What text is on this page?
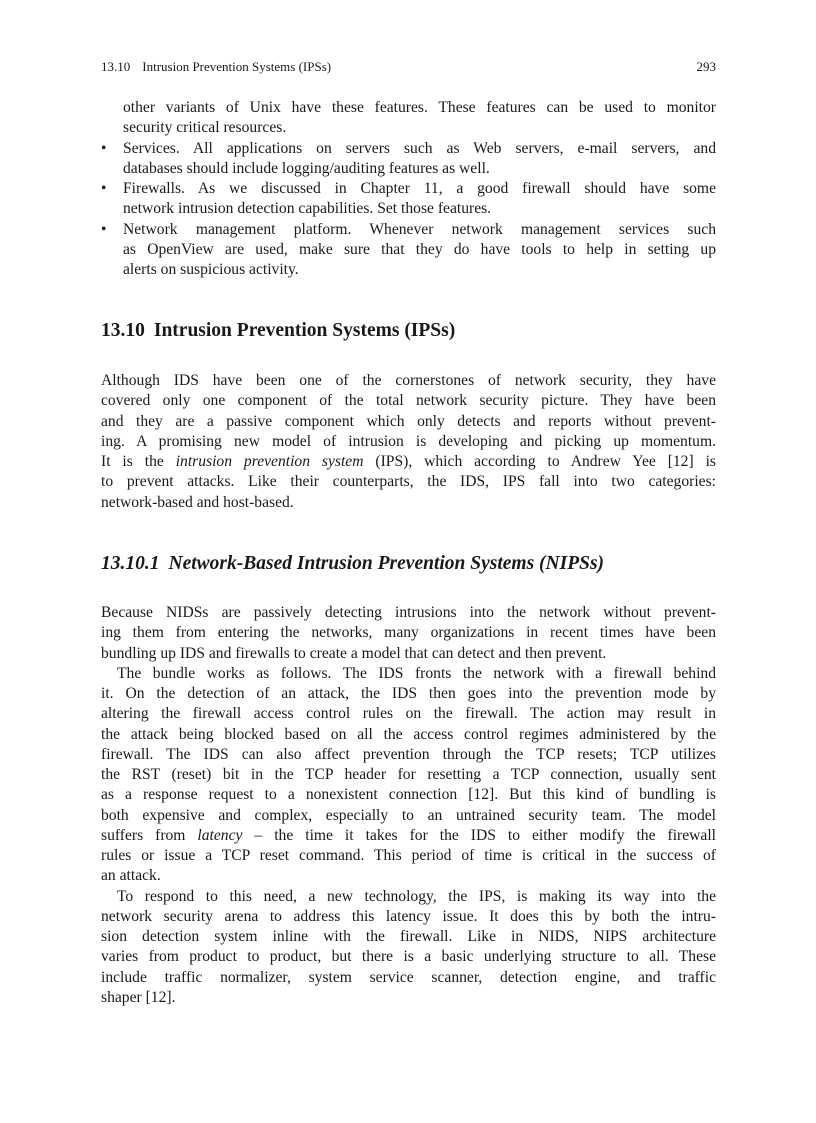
13.10 Intrusion Prevention Systems (IPSs)	293
other variants of Unix have these features. These features can be used to monitor
security critical resources.
• Services. All applications on servers such as Web servers, e-mail servers, and
databases should include logging/auditing features as well.
• Firewalls. As we discussed in Chapter 11, a good firewall should have some
network intrusion detection capabilities. Set those features.
• Network management platform. Whenever network management services such
as OpenView are used, make sure that they do have tools to help in setting up
alerts on suspicious activity.
13.10 Intrusion Prevention Systems (IPSs)
Although IDS have been one of the cornerstones of network security, they have
covered only one component of the total network security picture. They have been
and they are a passive component which only detects and reports without prevent-
ing. A promising new model of intrusion is developing and picking up momentum.
It is the intrusion prevention system (IPS), which according to Andrew Yee [12] is
to prevent attacks. Like their counterparts, the IDS, IPS fall into two categories:
network-based and host-based.
13.10.1 Network-Based Intrusion Prevention Systems (NIPSs)
Because NIDSs are passively detecting intrusions into the network without prevent-
ing them from entering the networks, many organizations in recent times have been
bundling up IDS and firewalls to create a model that can detect and then prevent.
The bundle works as follows. The IDS fronts the network with a firewall behind
it. On the detection of an attack, the IDS then goes into the prevention mode by
altering the firewall access control rules on the firewall. The action may result in
the attack being blocked based on all the access control regimes administered by the
firewall. The IDS can also affect prevention through the TCP resets; TCP utilizes
the RST (reset) bit in the TCP header for resetting a TCP connection, usually sent
as a response request to a nonexistent connection [12]. But this kind of bundling is
both expensive and complex, especially to an untrained security team. The model
suffers from latency – the time it takes for the IDS to either modify the firewall
rules or issue a TCP reset command. This period of time is critical in the success of
an attack.
To respond to this need, a new technology, the IPS, is making its way into the
network security arena to address this latency issue. It does this by both the intru-
sion detection system inline with the firewall. Like in NIDS, NIPS architecture
varies from product to product, but there is a basic underlying structure to all. These
include traffic normalizer, system service scanner, detection engine, and traffic
shaper [12].
